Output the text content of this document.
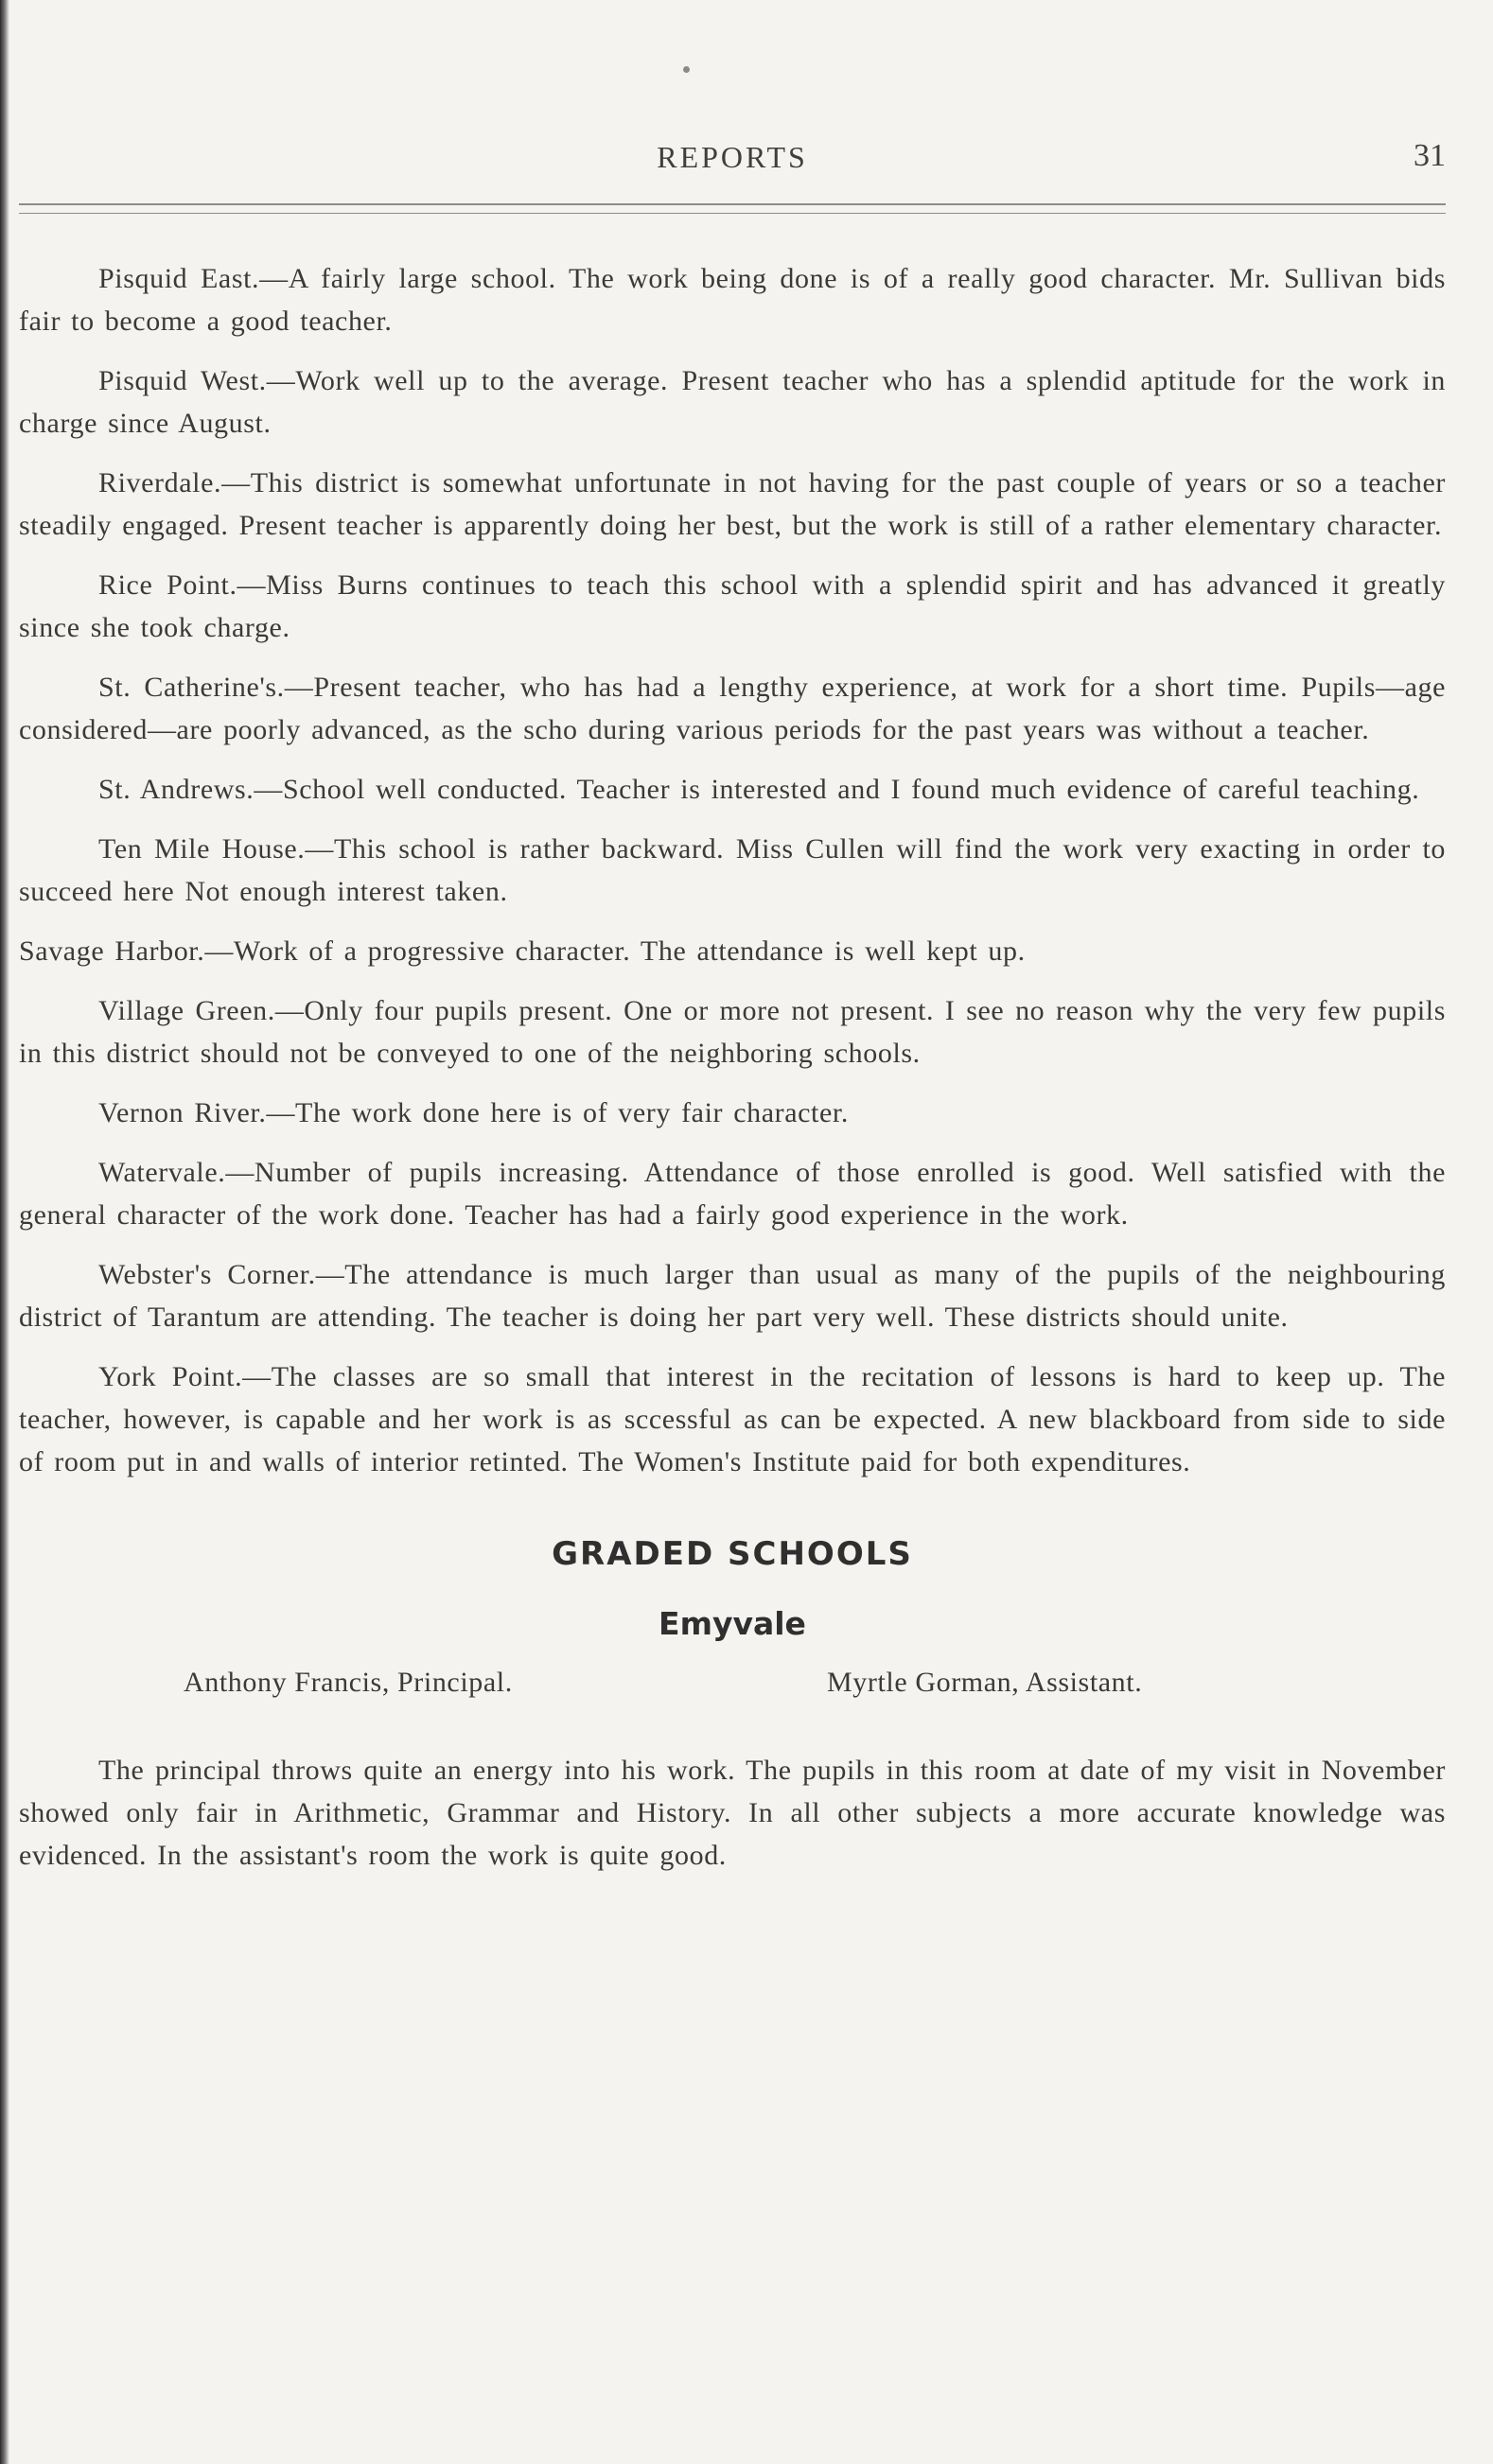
REPORTS	31

Pisquid East.—A fairly large school. The work being done is of a really good character. Mr. Sullivan bids fair to become a good teacher.

Pisquid West.—Work well up to the average. Present teacher who has a splendid aptitude for the work in charge since August.

Riverdale.—This district is somewhat unfortunate in not having for the past couple of years or so a teacher steadily engaged. Present teacher is apparently doing her best, but the work is still of a rather elementary character.

Rice Point.—Miss Burns continues to teach this school with a splendid spirit and has advanced it greatly since she took charge.

St. Catherine's.—Present teacher, who has had a lengthy experience, at work for a short time. Pupils—age considered—are poorly advanced, as the scho during various periods for the past years was without a teacher.

St. Andrews.—School well conducted. Teacher is interested and I found much evidence of careful teaching.

Ten Mile House.—This school is rather backward. Miss Cullen will find the work very exacting in order to succeed here Not enough interest taken.

Savage Harbor.—Work of a progressive character. The attendance is well kept up.

Village Green.—Only four pupils present. One or more not present. I see no reason why the very few pupils in this district should not be conveyed to one of the neighboring schools.

Vernon River.—The work done here is of very fair character.

Watervale.—Number of pupils increasing. Attendance of those enrolled is good. Well satisfied with the general character of the work done. Teacher has had a fairly good experience in the work.

Webster's Corner.—The attendance is much larger than usual as many of the pupils of the neighbouring district of Tarantum are attending. The teacher is doing her part very well. These districts should unite.

York Point.—The classes are so small that interest in the recitation of lessons is hard to keep up. The teacher, however, is capable and her work is as sccessful as can be expected. A new blackboard from side to side of room put in and walls of interior retinted. The Women's Institute paid for both expenditures.

GRADED SCHOOLS
Emyvale
Anthony Francis, Principal.	Myrtle Gorman, Assistant.

The principal throws quite an energy into his work. The pupils in this room at date of my visit in November showed only fair in Arithmetic, Grammar and History. In all other subjects a more accurate knowledge was evidenced. In the assistant's room the work is quite good.
